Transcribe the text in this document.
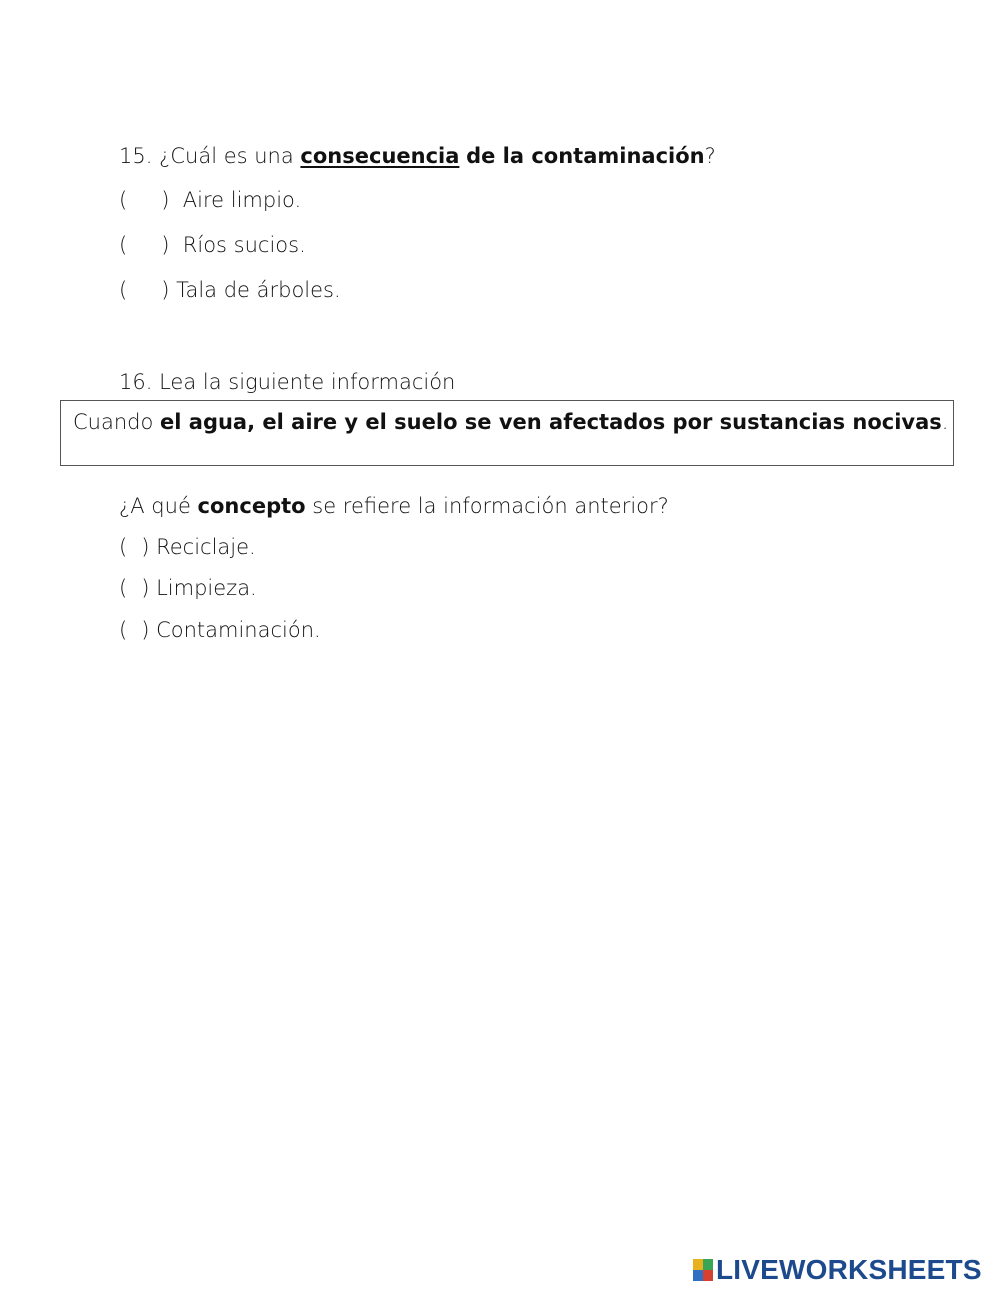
15. ¿Cuál es una consecuencia de la contaminación?
( ) Aire limpio.
( ) Ríos sucios.
( ) Tala de árboles.
16. Lea la siguiente información
Cuando el agua, el aire y el suelo se ven afectados por sustancias nocivas.
¿A qué concepto se refiere la información anterior?
( ) Reciclaje.
( ) Limpieza.
( ) Contaminación.
LIVEWORKSHEETS
